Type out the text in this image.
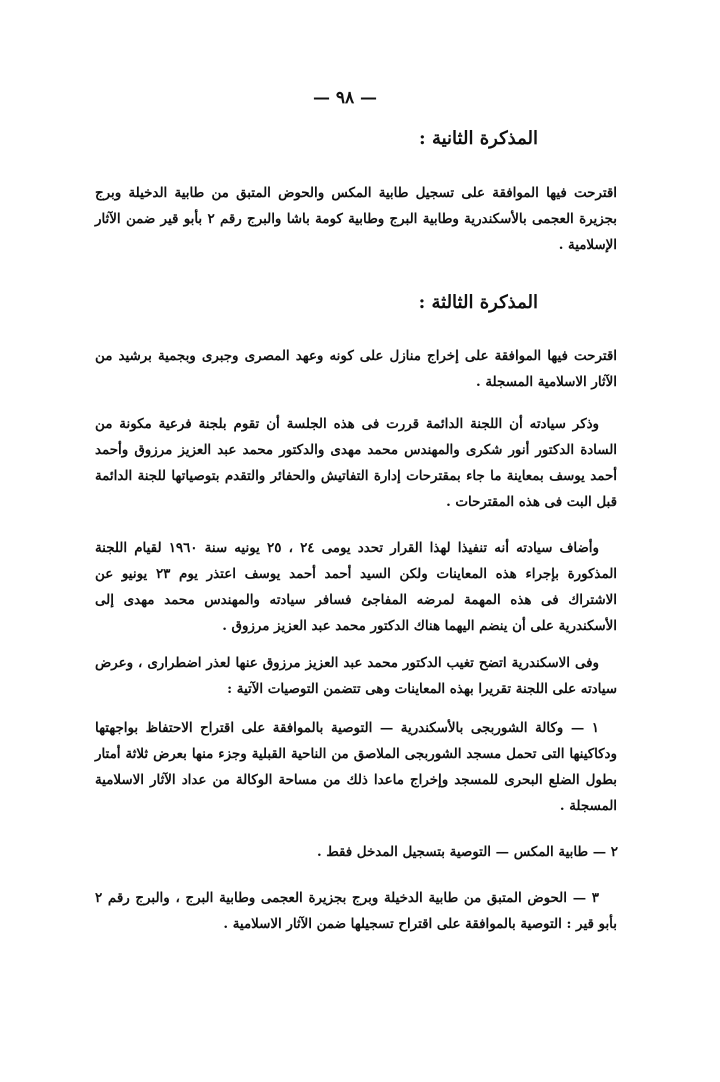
— ٩٨ —
المذكرة الثانية :
اقترحت فيها الموافقة على تسجيل طابية المكس والحوض المتبق من طابية الدخيلة وبرج بجزيرة العجمى بالأسكندرية وطابية البرج وطابية كومة باشا والبرج رقم ٢ بأبو قير ضمن الآثار الإسلامية .
المذكرة الثالثة :
اقترحت فيها الموافقة على إخراج منازل على كونه وعهد المصرى وجبرى وبجمية برشيد من الآثار الاسلامية المسجلة .
وذكر سيادته أن اللجنة الدائمة قررت فى هذه الجلسة أن تقوم بلجنة فرعية مكونة من السادة الدكتور أنور شكرى والمهندس محمد مهدى والدكتور محمد عبد العزيز مرزوق وأحمد أحمد يوسف بمعاينة ما جاء بمقترحات إدارة التفاتيش والحفائر والتقدم بتوصياتها للجنة الدائمة قبل البت فى هذه المقترحات .
وأضاف سيادته أنه تنفيذا لهذا القرار تحدد يومى ٢٤ ، ٢٥ يونيه سنة ١٩٦٠ لقيام اللجنة المذكورة بإجراء هذه المعاينات ولكن السيد أحمد أحمد يوسف اعتذر يوم ٢٣ يونيو عن الاشتراك فى هذه المهمة لمرضه المفاجئ فسافر سيادته والمهندس محمد مهدى إلى الأسكندرية على أن ينضم اليهما هناك الدكتور محمد عبد العزيز مرزوق .
وفى الاسكندرية اتضح تغيب الدكتور محمد عبد العزيز مرزوق عنها لعذر اضطرارى ، وعرض سيادته على اللجنة تقريرا بهذه المعاينات وهى تتضمن التوصيات الآتية :
١ — وكالة الشوربجى بالأسكندرية — التوصية بالموافقة على اقتراح الاحتفاظ بواجهتها ودكاكينها التى تحمل مسجد الشوربجى الملاصق من الناحية القبلية وجزء منها بعرض ثلاثة أمتار بطول الضلع البحرى للمسجد وإخراج ماعدا ذلك من مساحة الوكالة من عداد الآثار الاسلامية المسجلة .
٢ — طابية المكس — التوصية بتسجيل المدخل فقط .
٣ — الحوض المتبق من طابية الدخيلة وبرج بجزيرة العجمى وطابية البرج ، والبرج رقم ٢ بأبو قير : التوصية بالموافقة على اقتراح تسجيلها ضمن الآثار الاسلامية .
